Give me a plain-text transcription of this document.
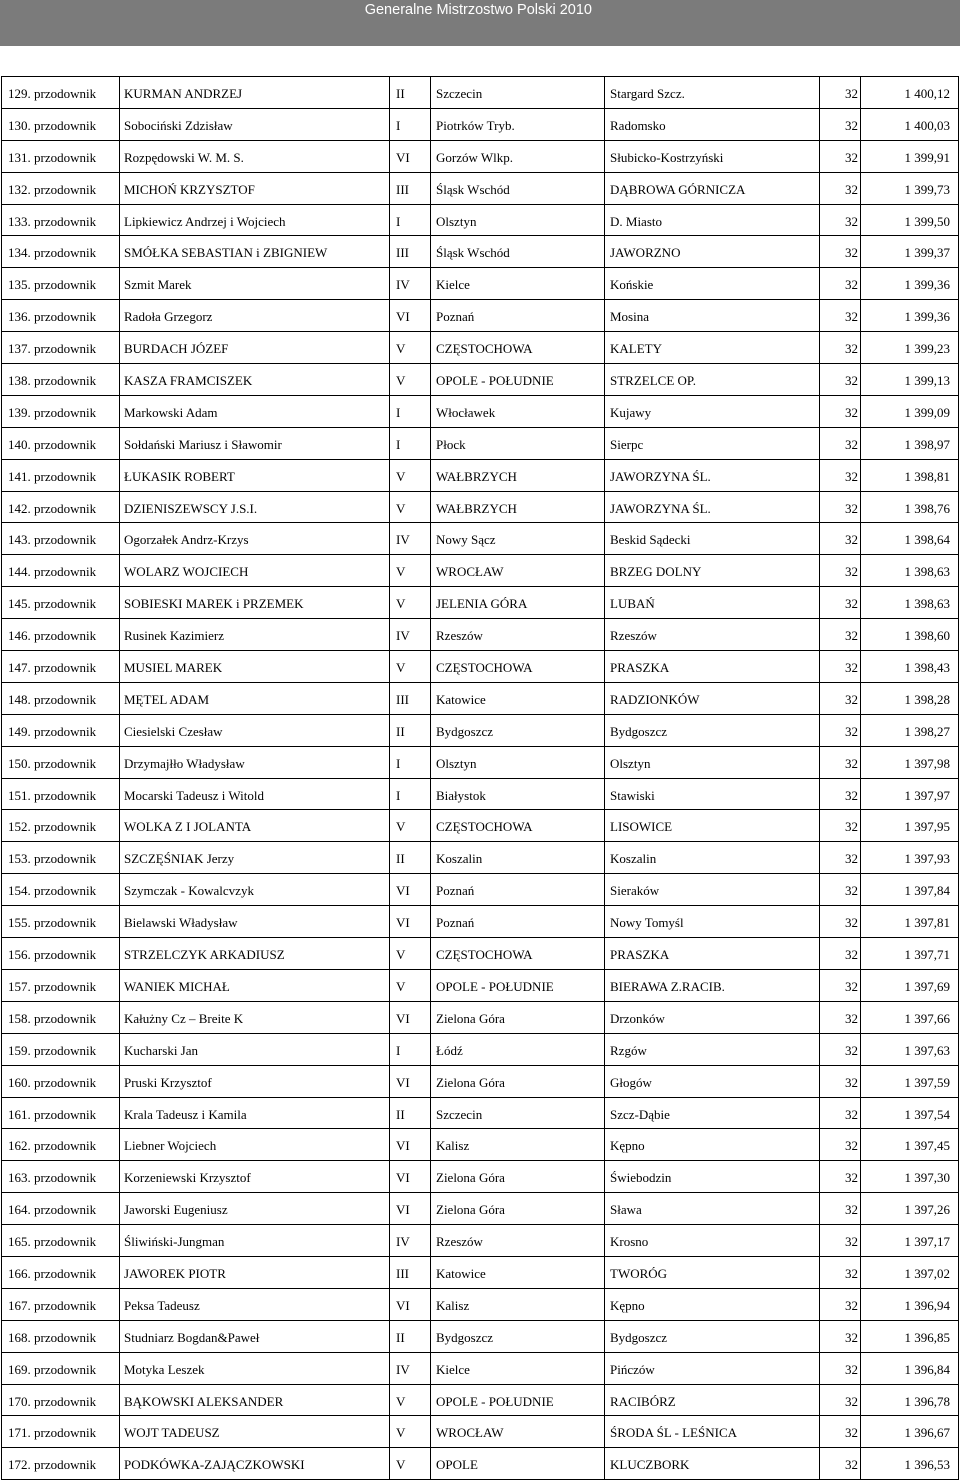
Generalne Mistrzostwo Polski 2010
129. przodownik	KURMAN ANDRZEJ	II	Szczecin	Stargard Szcz.	32	1 400,12
130. przodownik	Sobociński Zdzisław	I	Piotrków Tryb.	Radomsko	32	1 400,03
131. przodownik	Rozpędowski W. M. S.	VI	Gorzów Wlkp.	Słubicko-Kostrzyński	32	1 399,91
132. przodownik	MICHOŃ KRZYSZTOF	III	Śląsk Wschód	DĄBROWA GÓRNICZA	32	1 399,73
133. przodownik	Lipkiewicz Andrzej i Wojciech	I	Olsztyn	D. Miasto	32	1 399,50
134. przodownik	SMÓŁKA SEBASTIAN i ZBIGNIEW	III	Śląsk Wschód	JAWORZNO	32	1 399,37
135. przodownik	Szmit Marek	IV	Kielce	Końskie	32	1 399,36
136. przodownik	Radoła Grzegorz	VI	Poznań	Mosina	32	1 399,36
137. przodownik	BURDACH JÓZEF	V	CZĘSTOCHOWA	KALETY	32	1 399,23
138. przodownik	KASZA FRAMCISZEK	V	OPOLE - POŁUDNIE	STRZELCE OP.	32	1 399,13
139. przodownik	Markowski Adam	I	Włocławek	Kujawy	32	1 399,09
140. przodownik	Sołdański Mariusz i Sławomir	I	Płock	Sierpc	32	1 398,97
141. przodownik	ŁUKASIK ROBERT	V	WAŁBRZYCH	JAWORZYNA ŚL.	32	1 398,81
142. przodownik	DZIENISZEWSCY J.S.I.	V	WAŁBRZYCH	JAWORZYNA ŚL.	32	1 398,76
143. przodownik	Ogorzałek Andrz-Krzys	IV	Nowy Sącz	Beskid Sądecki	32	1 398,64
144. przodownik	WOLARZ WOJCIECH	V	WROCŁAW	BRZEG DOLNY	32	1 398,63
145. przodownik	SOBIESKI MAREK i PRZEMEK	V	JELENIA GÓRA	LUBAŃ	32	1 398,63
146. przodownik	Rusinek Kazimierz	IV	Rzeszów	Rzeszów	32	1 398,60
147. przodownik	MUSIEL MAREK	V	CZĘSTOCHOWA	PRASZKA	32	1 398,43
148. przodownik	MĘTEL ADAM	III	Katowice	RADZIONKÓW	32	1 398,28
149. przodownik	Ciesielski Czesław	II	Bydgoszcz	Bydgoszcz	32	1 398,27
150. przodownik	Drzymajłło Władysław	I	Olsztyn	Olsztyn	32	1 397,98
151. przodownik	Mocarski Tadeusz i Witold	I	Białystok	Stawiski	32	1 397,97
152. przodownik	WOLKA Z I JOLANTA	V	CZĘSTOCHOWA	LISOWICE	32	1 397,95
153. przodownik	SZCZĘŚNIAK Jerzy	II	Koszalin	Koszalin	32	1 397,93
154. przodownik	Szymczak - Kowalcvzyk	VI	Poznań	Sieraków	32	1 397,84
155. przodownik	Bielawski Władysław	VI	Poznań	Nowy Tomyśl	32	1 397,81
156. przodownik	STRZELCZYK ARKADIUSZ	V	CZĘSTOCHOWA	PRASZKA	32	1 397,71
157. przodownik	WANIEK MICHAŁ	V	OPOLE - POŁUDNIE	BIERAWA Z.RACIB.	32	1 397,69
158. przodownik	Kałużny Cz – Breite K	VI	Zielona Góra	Drzonków	32	1 397,66
159. przodownik	Kucharski Jan	I	Łódź	Rzgów	32	1 397,63
160. przodownik	Pruski Krzysztof	VI	Zielona Góra	Głogów	32	1 397,59
161. przodownik	Krala Tadeusz i Kamila	II	Szczecin	Szcz-Dąbie	32	1 397,54
162. przodownik	Liebner Wojciech	VI	Kalisz	Kępno	32	1 397,45
163. przodownik	Korzeniewski Krzysztof	VI	Zielona Góra	Świebodzin	32	1 397,30
164. przodownik	Jaworski Eugeniusz	VI	Zielona Góra	Sława	32	1 397,26
165. przodownik	Śliwiński-Jungman	IV	Rzeszów	Krosno	32	1 397,17
166. przodownik	JAWOREK PIOTR	III	Katowice	TWORÓG	32	1 397,02
167. przodownik	Peksa Tadeusz	VI	Kalisz	Kępno	32	1 396,94
168. przodownik	Studniarz Bogdan&Paweł	II	Bydgoszcz	Bydgoszcz	32	1 396,85
169. przodownik	Motyka Leszek	IV	Kielce	Pińczów	32	1 396,84
170. przodownik	BĄKOWSKI ALEKSANDER	V	OPOLE - POŁUDNIE	RACIBÓRZ	32	1 396,78
171. przodownik	WOJT TADEUSZ	V	WROCŁAW	ŚRODA ŚL - LEŚNICA	32	1 396,67
172. przodownik	PODKÓWKA-ZAJĄCZKOWSKI	V	OPOLE	KLUCZBORK	32	1 396,53
